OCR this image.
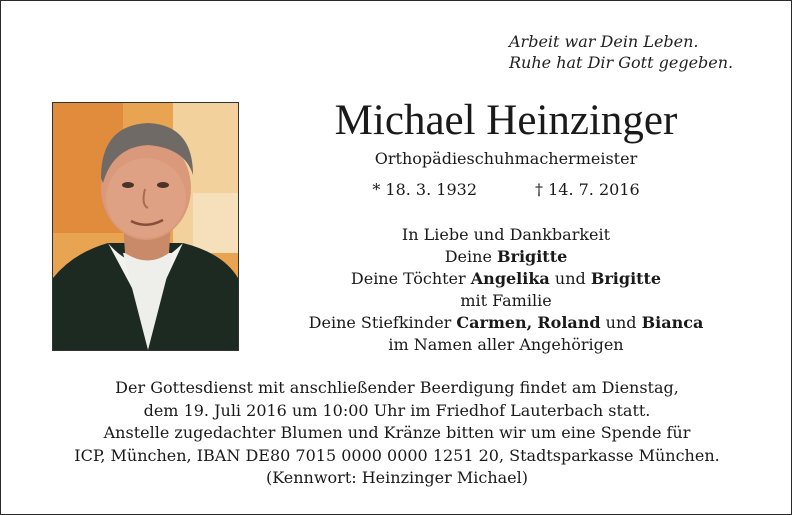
Arbeit war Dein Leben.
Ruhe hat Dir Gott gegeben.
Michael Heinzinger
Orthopädieschuhmachermeister
* 18. 3. 1932	† 14. 7. 2016
In Liebe und Dankbarkeit
Deine Brigitte
Deine Töchter Angelika und Brigitte
mit Familie
Deine Stiefkinder Carmen, Roland und Bianca
im Namen aller Angehörigen
Der Gottesdienst mit anschließender Beerdigung findet am Dienstag,
dem 19. Juli 2016 um 10:00 Uhr im Friedhof Lauterbach statt.
Anstelle zugedachter Blumen und Kränze bitten wir um eine Spende für
ICP, München, IBAN DE80 7015 0000 0000 1251 20, Stadtsparkasse München.
(Kennwort: Heinzinger Michael)
